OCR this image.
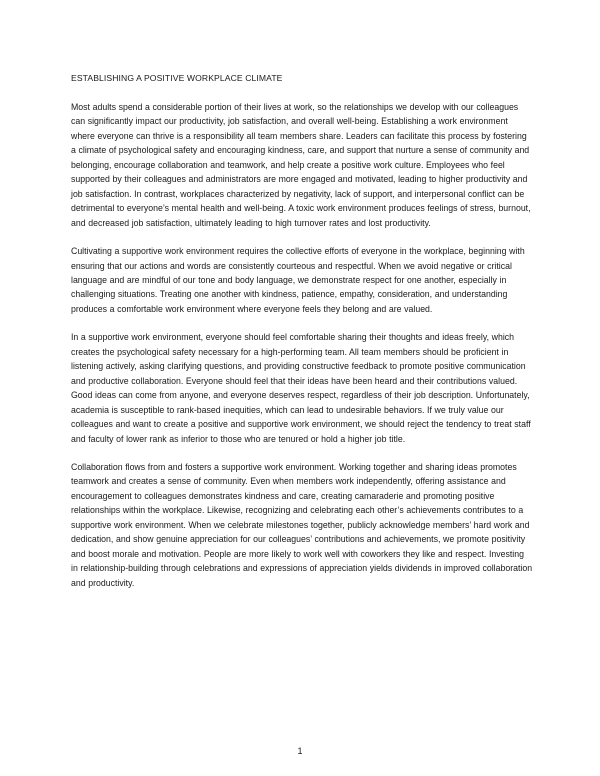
ESTABLISHING A POSITIVE WORKPLACE CLIMATE

Most adults spend a considerable portion of their lives at work, so the relationships we develop with our colleagues can significantly impact our productivity, job satisfaction, and overall well-being. Establishing a work environment where everyone can thrive is a responsibility all team members share. Leaders can facilitate this process by fostering a climate of psychological safety and encouraging kindness, care, and support that nurture a sense of community and belonging, encourage collaboration and teamwork, and help create a positive work culture. Employees who feel supported by their colleagues and administrators are more engaged and motivated, leading to higher productivity and job satisfaction. In contrast, workplaces characterized by negativity, lack of support, and interpersonal conflict can be detrimental to everyone’s mental health and well-being. A toxic work environment produces feelings of stress, burnout, and decreased job satisfaction, ultimately leading to high turnover rates and lost productivity.

Cultivating a supportive work environment requires the collective efforts of everyone in the workplace, beginning with ensuring that our actions and words are consistently courteous and respectful. When we avoid negative or critical language and are mindful of our tone and body language, we demonstrate respect for one another, especially in challenging situations. Treating one another with kindness, patience, empathy, consideration, and understanding produces a comfortable work environment where everyone feels they belong and are valued.

In a supportive work environment, everyone should feel comfortable sharing their thoughts and ideas freely, which creates the psychological safety necessary for a high-performing team. All team members should be proficient in listening actively, asking clarifying questions, and providing constructive feedback to promote positive communication and productive collaboration. Everyone should feel that their ideas have been heard and their contributions valued. Good ideas can come from anyone, and everyone deserves respect, regardless of their job description. Unfortunately, academia is susceptible to rank-based inequities, which can lead to undesirable behaviors. If we truly value our colleagues and want to create a positive and supportive work environment, we should reject the tendency to treat staff and faculty of lower rank as inferior to those who are tenured or hold a higher job title.

Collaboration flows from and fosters a supportive work environment. Working together and sharing ideas promotes teamwork and creates a sense of community. Even when members work independently, offering assistance and encouragement to colleagues demonstrates kindness and care, creating camaraderie and promoting positive relationships within the workplace. Likewise, recognizing and celebrating each other’s achievements contributes to a supportive work environment. When we celebrate milestones together, publicly acknowledge members’ hard work and dedication, and show genuine appreciation for our colleagues’ contributions and achievements, we promote positivity and boost morale and motivation. People are more likely to work well with coworkers they like and respect. Investing in relationship-building through celebrations and expressions of appreciation yields dividends in improved collaboration and productivity.

1
